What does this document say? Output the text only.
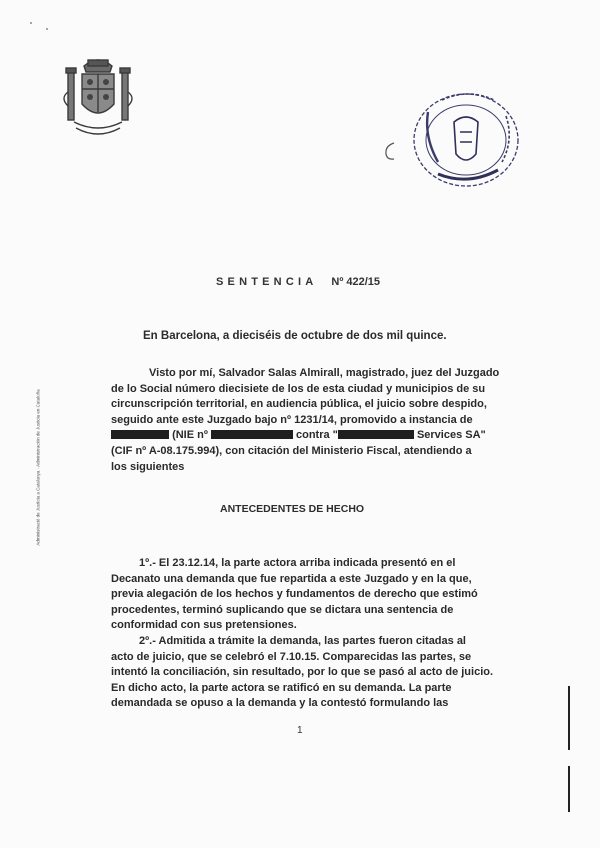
Administració de Justícia a Catalunya · Administración de Justicia en Cataluña
SENTENCIA Nº 422/15
En Barcelona, a dieciséis de octubre de dos mil quince.
Visto por mí, Salvador Salas Almirall, magistrado, juez del Juzgado
de lo Social número diecisiete de los de esta ciudad y municipios de su
circunscripción territorial, en audiencia pública, el juicio sobre despido,
seguido ante este Juzgado bajo nº 1231/14, promovido a instancia de
(NIE nº	contra "	Services SA"
(CIF nº A-08.175.994), con citación del Ministerio Fiscal, atendiendo a
los siguientes
ANTECEDENTES DE HECHO
1º.- El 23.12.14, la parte actora arriba indicada presentó en el
Decanato una demanda que fue repartida a este Juzgado y en la que,
previa alegación de los hechos y fundamentos de derecho que estimó
procedentes, terminó suplicando que se dictara una sentencia de
conformidad con sus pretensiones.
2º.- Admitida a trámite la demanda, las partes fueron citadas al
acto de juicio, que se celebró el 7.10.15. Comparecidas las partes, se
intentó la conciliación, sin resultado, por lo que se pasó al acto de juicio.
En dicho acto, la parte actora se ratificó en su demanda. La parte
demandada se opuso a la demanda y la contestó formulando las
1
